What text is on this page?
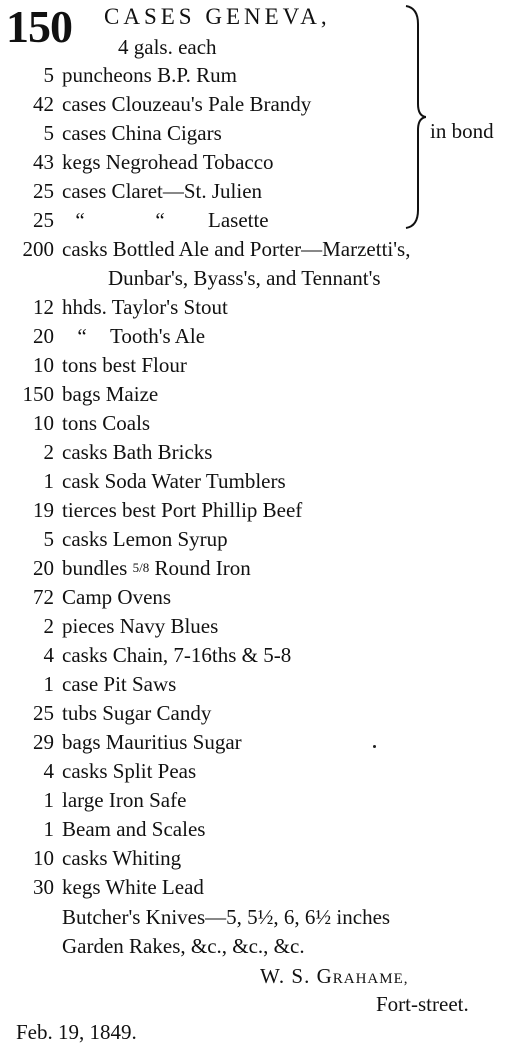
150 CASES GENEVA,
4 gals. each
in bond
5 puncheons B.P. Rum
42 cases Clouzeau's Pale Brandy
5 cases China Cigars
43 kegs Negrohead Tobacco
25 cases Claret—St. Julien
25 “	“ Lasette
200 casks Bottled Ale and Porter—Marzetti's,
Dunbar's, Byass's, and Tennant's
12 hhds. Taylor's Stout
20 “ Tooth's Ale
10 tons best Flour
150 bags Maize
10 tons Coals
2 casks Bath Bricks
1 cask Soda Water Tumblers
19 tierces best Port Phillip Beef
5 casks Lemon Syrup
20 bundles 5/8 Round Iron
72 Camp Ovens
2 pieces Navy Blues
4 casks Chain, 7-16ths & 5-8
1 case Pit Saws
25 tubs Sugar Candy
29 bags Mauritius Sugar
4 casks Split Peas
1 large Iron Safe
1 Beam and Scales
10 casks Whiting
30 kegs White Lead
Butcher's Knives—5, 5½, 6, 6½ inches
Garden Rakes, &c., &c., &c.
W. S. GRAHAME,
Fort-street.
Feb. 19, 1849.
